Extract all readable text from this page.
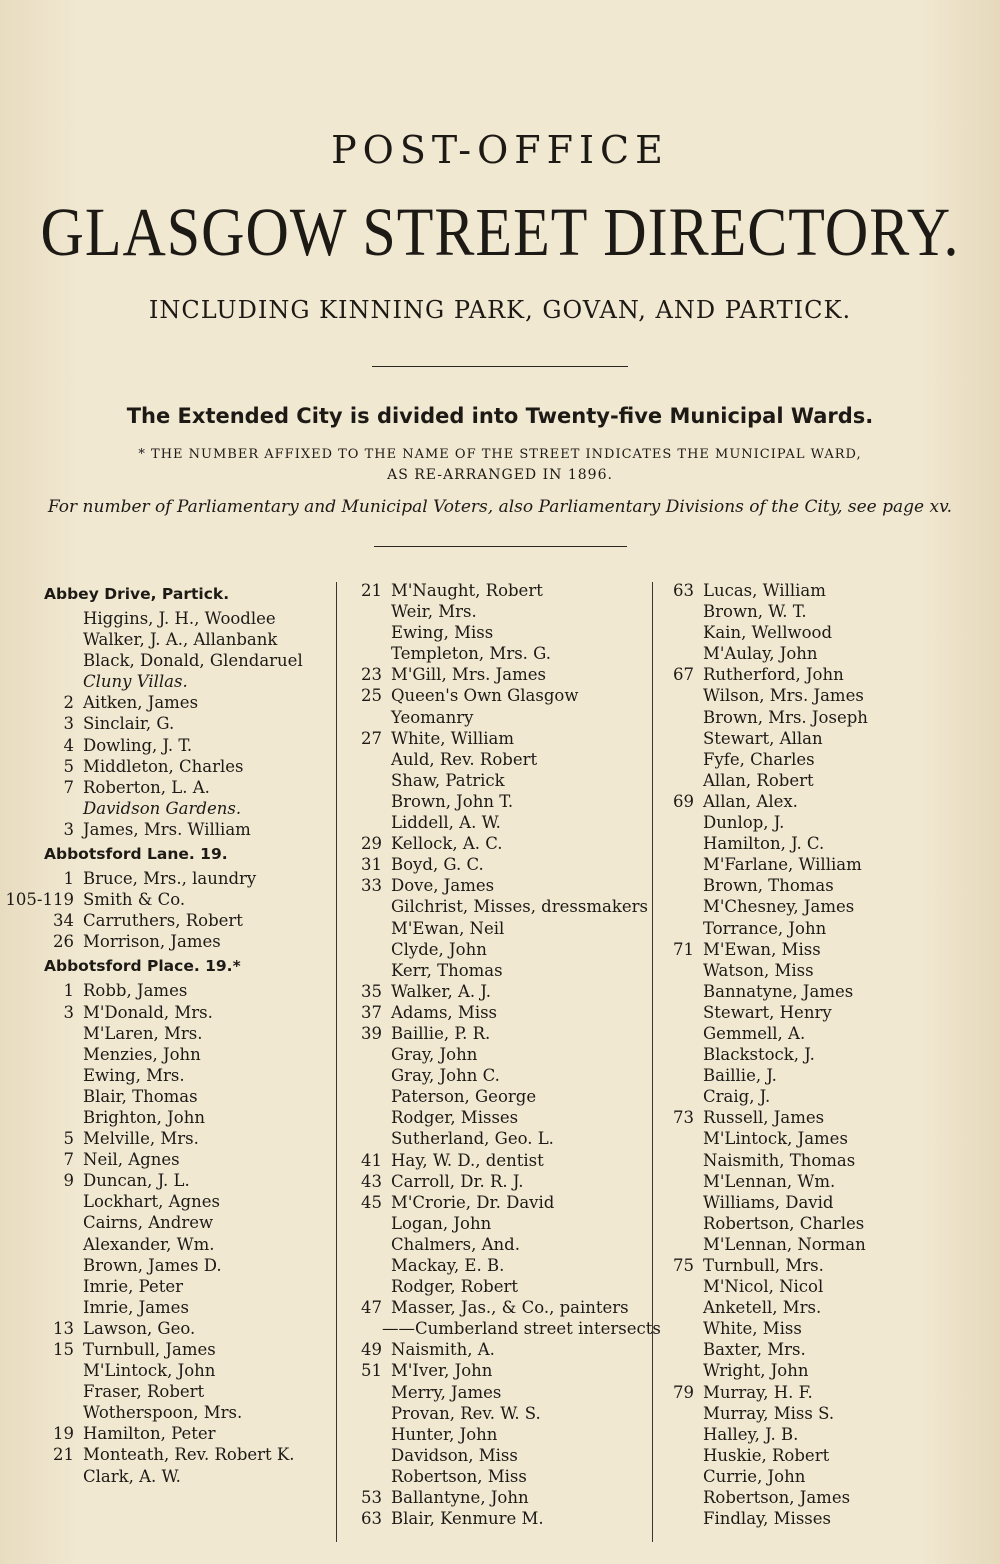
POST-OFFICE
GLASGOW STREET DIRECTORY.
INCLUDING KINNING PARK, GOVAN, AND PARTICK.
The Extended City is divided into Twenty-five Municipal Wards.
* THE NUMBER AFFIXED TO THE NAME OF THE STREET INDICATES THE MUNICIPAL WARD,
AS RE-ARRANGED IN 1896.
For number of Parliamentary and Municipal Voters, also Parliamentary Divisions of the City, see page xv.
Abbey Drive, Partick.
Higgins, J. H., Woodlee
Walker, J. A., Allanbank
Black, Donald, Glendaruel
Cluny Villas.
2 Aitken, James
3 Sinclair, G.
4 Dowling, J. T.
5 Middleton, Charles
7 Roberton, L. A.
Davidson Gardens.
3 James, Mrs. William
Abbotsford Lane. 19.
1 Bruce, Mrs., laundry
105-119 Smith & Co.
34 Carruthers, Robert
26 Morrison, James
Abbotsford Place. 19.*
1 Robb, James
3 M'Donald, Mrs.
M'Laren, Mrs.
Menzies, John
Ewing, Mrs.
Blair, Thomas
Brighton, John
5 Melville, Mrs.
7 Neil, Agnes
9 Duncan, J. L.
Lockhart, Agnes
Cairns, Andrew
Alexander, Wm.
Brown, James D.
Imrie, Peter
Imrie, James
13 Lawson, Geo.
15 Turnbull, James
M'Lintock, John
Fraser, Robert
Wotherspoon, Mrs.
19 Hamilton, Peter
21 Monteath, Rev. Robert K.
Clark, A. W.
21 M'Naught, Robert
Weir, Mrs.
Ewing, Miss
Templeton, Mrs. G.
23 M'Gill, Mrs. James
25 Queen's Own Glasgow
Yeomanry
27 White, William
Auld, Rev. Robert
Shaw, Patrick
Brown, John T.
Liddell, A. W.
29 Kellock, A. C.
31 Boyd, G. C.
33 Dove, James
Gilchrist, Misses, dressmakers
M'Ewan, Neil
Clyde, John
Kerr, Thomas
35 Walker, A. J.
37 Adams, Miss
39 Baillie, P. R.
Gray, John
Gray, John C.
Paterson, George
Rodger, Misses
Sutherland, Geo. L.
41 Hay, W. D., dentist
43 Carroll, Dr. R. J.
45 M'Crorie, Dr. David
Logan, John
Chalmers, And.
Mackay, E. B.
Rodger, Robert
47 Masser, Jas., & Co., painters
——Cumberland street intersects
49 Naismith, A.
51 M'Iver, John
Merry, James
Provan, Rev. W. S.
Hunter, John
Davidson, Miss
Robertson, Miss
53 Ballantyne, John
63 Blair, Kenmure M.
63 Lucas, William
Brown, W. T.
Kain, Wellwood
M'Aulay, John
67 Rutherford, John
Wilson, Mrs. James
Brown, Mrs. Joseph
Stewart, Allan
Fyfe, Charles
Allan, Robert
69 Allan, Alex.
Dunlop, J.
Hamilton, J. C.
M'Farlane, William
Brown, Thomas
M'Chesney, James
Torrance, John
71 M'Ewan, Miss
Watson, Miss
Bannatyne, James
Stewart, Henry
Gemmell, A.
Blackstock, J.
Baillie, J.
Craig, J.
73 Russell, James
M'Lintock, James
Naismith, Thomas
M'Lennan, Wm.
Williams, David
Robertson, Charles
M'Lennan, Norman
75 Turnbull, Mrs.
M'Nicol, Nicol
Anketell, Mrs.
White, Miss
Baxter, Mrs.
Wright, John
79 Murray, H. F.
Murray, Miss S.
Halley, J. B.
Huskie, Robert
Currie, John
Robertson, James
Findlay, Misses
